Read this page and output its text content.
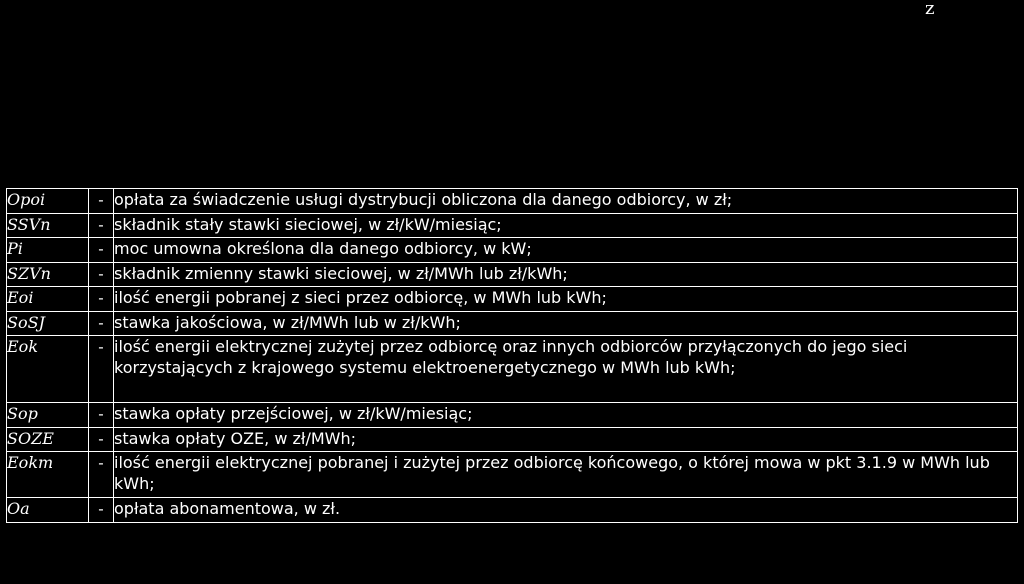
z
Opoi	-	opłata za świadczenie usługi dystrybucji obliczona dla danego odbiorcy, w zł;
SSVn	-	składnik stały stawki sieciowej, w zł/kW/miesiąc;
Pi	-	moc umowna określona dla danego odbiorcy, w kW;
SZVn	-	składnik zmienny stawki sieciowej, w zł/MWh lub zł/kWh;
Eoi	-	ilość energii pobranej z sieci przez odbiorcę, w MWh lub kWh;
SoSJ	-	stawka jakościowa, w zł/MWh lub w zł/kWh;
Eok	-	ilość energii elektrycznej zużytej przez odbiorcę oraz innych odbiorców przyłączonych do jego sieci korzystających z krajowego systemu elektroenergetycznego w MWh lub kWh;
Sop	-	stawka opłaty przejściowej, w zł/kW/miesiąc;
SOZE	-	stawka opłaty OZE, w zł/MWh;
Eokm	-	ilość energii elektrycznej pobranej i zużytej przez odbiorcę końcowego, o której mowa w pkt 3.1.9 w MWh lub kWh;
Oa	-	opłata abonamentowa, w zł.
